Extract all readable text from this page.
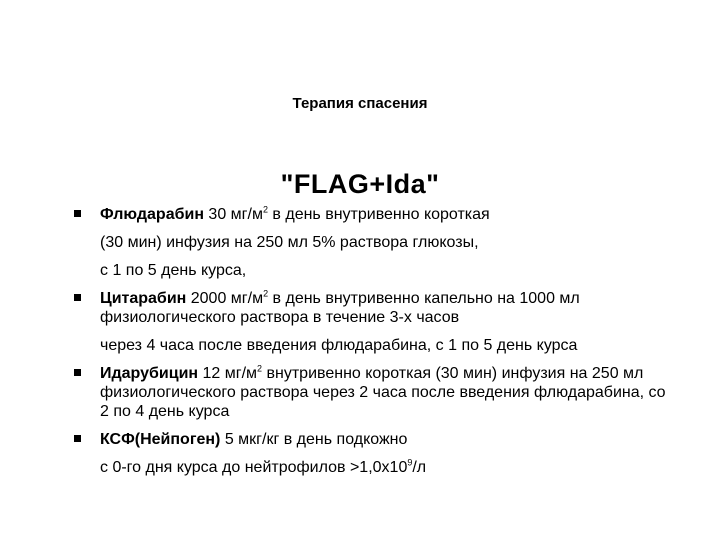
Терапия спасения
"FLAG+Ida"
Флюдарабин 30 $мг/м^2$ в день внутривенно короткая
(30 мин) инфузия на 250 мл 5% раствора глюкозы,
с 1 по 5 день курса,
Цитарабин 2000 $мг/м^2$ в день внутривенно капельно на 1000 мл физиологического раствора в течение 3-х часов
через 4 часа после введения флюдарабина, с 1 по 5 день курса
Идарубицин 12 $мг/м^2$ внутривенно короткая (30 мин) инфузия на 250 мл физиологического раствора через 2 часа после введения флюдарабина, со 2 по 4 день курса
КСФ(Нейпоген) 5 мкг/кг в день подкожно
с 0-го дня курса до нейтрофилов $>1,0х10^9/л$
